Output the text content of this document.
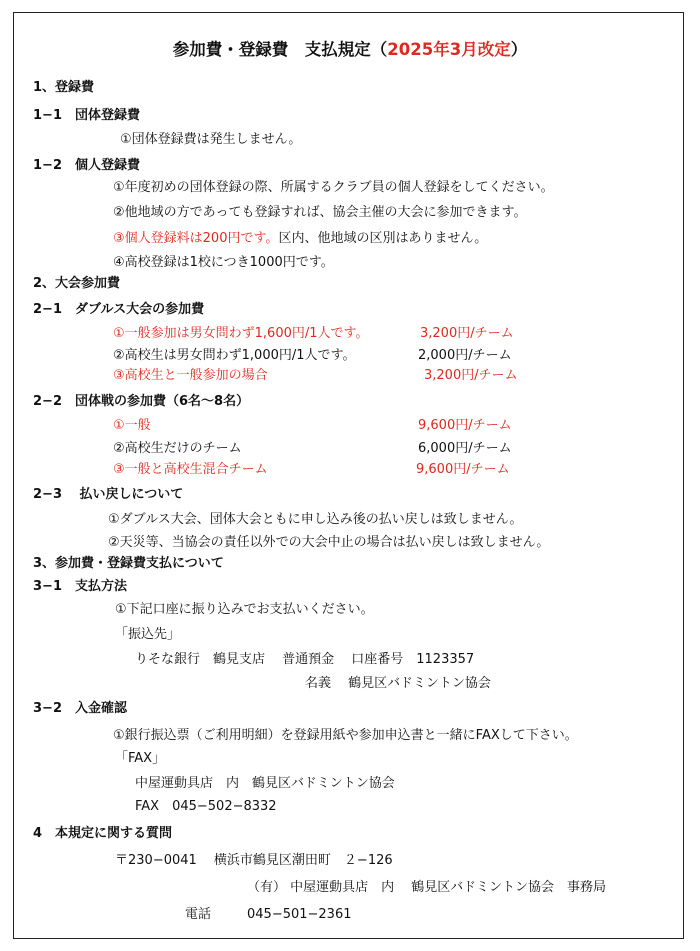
参加費・登録費　支払規定（2025年3月改定）
1、登録費
1−1　団体登録費
①団体登録費は発生しません。
1−2　個人登録費
①年度初めの団体登録の際、所属するクラブ員の個人登録をしてください。
②他地域の方であっても登録すれば、協会主催の大会に参加できます。
③個人登録料は200円です。区内、他地域の区別はありません。
④高校登録は1校につき1000円です。
2、大会参加費
2−1　ダブルス大会の参加費
①一般参加は男女問わず1,600円/1人です。	3,200円/チーム
②高校生は男女問わず1,000円/1人です。	2,000円/チーム
③高校生と一般参加の場合	3,200円/チーム
2−2　団体戦の参加費（6名〜8名）
①一般	9,600円/チーム
②高校生だけのチーム	6,000円/チーム
③一般と高校生混合チーム	9,600円/チーム
2−3　 払い戻しについて
①ダブルス大会、団体大会ともに申し込み後の払い戻しは致しません。
②天災等、当協会の責任以外での大会中止の場合は払い戻しは致しません。
3、参加費・登録費支払について
3−1　支払方法
①下記口座に振り込みでお支払いください。
「振込先」
りそな銀行　鶴見支店　 普通預金　 口座番号　1123357
名義　 鶴見区バドミントン協会
3−2　入金確認
①銀行振込票（ご利用明細）を登録用紙や参加申込書と一緒にFAXして下さい。
「FAX」
中屋運動具店　内　鶴見区バドミントン協会
FAX　045−502−8332
4　本規定に関する質問
〒230−0041　 横浜市鶴見区潮田町　２−126
（有） 中屋運動具店　内　 鶴見区バドミントン協会　事務局
電話	045−501−2361
